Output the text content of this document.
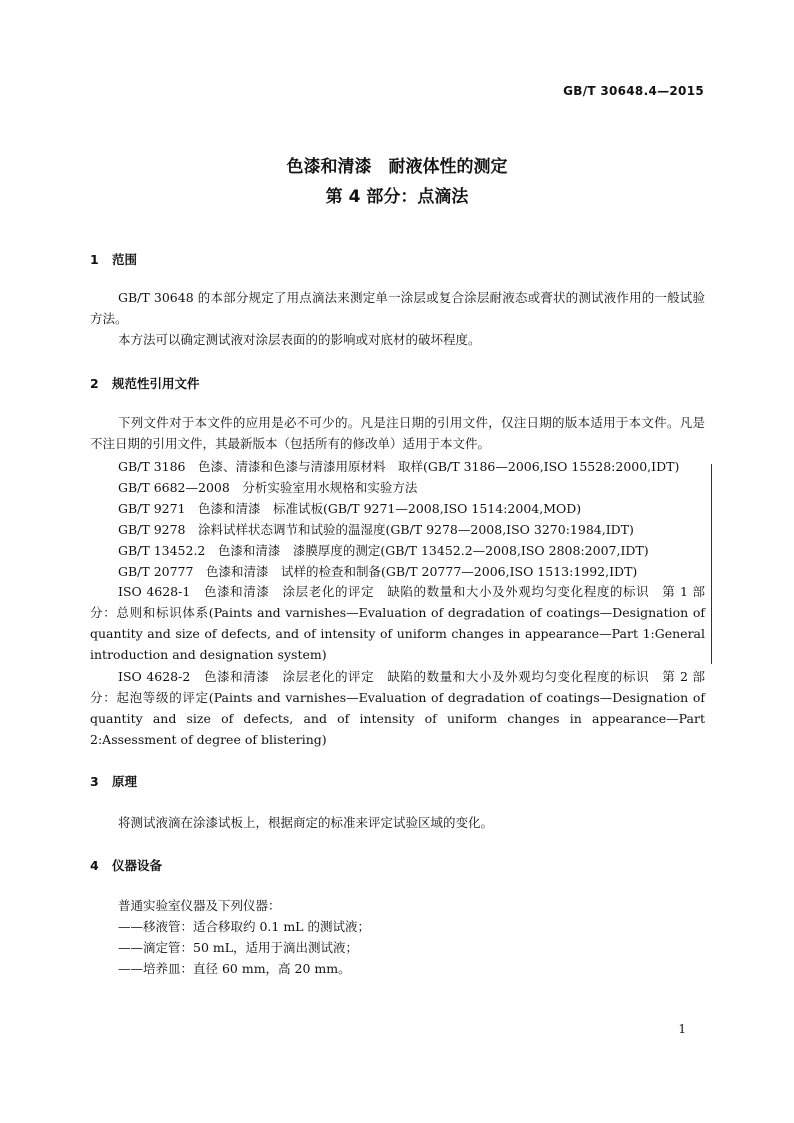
GB/T 30648.4—2015
色漆和清漆　耐液体性的测定
第 4 部分：点滴法
1 范围
GB/T 30648 的本部分规定了用点滴法来测定单一涂层或复合涂层耐液态或膏状的测试液作用的一般试验方法。
本方法可以确定测试液对涂层表面的的影响或对底材的破坏程度。
2 规范性引用文件
下列文件对于本文件的应用是必不可少的。凡是注日期的引用文件，仅注日期的版本适用于本文件。凡是不注日期的引用文件，其最新版本（包括所有的修改单）适用于本文件。
GB/T 3186　色漆、清漆和色漆与清漆用原材料　取样(GB/T 3186—2006,ISO 15528:2000,IDT)
GB/T 6682—2008　分析实验室用水规格和实验方法
GB/T 9271　色漆和清漆　标准试板(GB/T 9271—2008,ISO 1514:2004,MOD)
GB/T 9278　涂料试样状态调节和试验的温湿度(GB/T 9278—2008,ISO 3270:1984,IDT)
GB/T 13452.2　色漆和清漆　漆膜厚度的测定(GB/T 13452.2—2008,ISO 2808:2007,IDT)
GB/T 20777　色漆和清漆　试样的检查和制备(GB/T 20777—2006,ISO 1513:1992,IDT)
ISO 4628-1　色漆和清漆　涂层老化的评定　缺陷的数量和大小及外观均匀变化程度的标识　第 1 部分：总则和标识体系(Paints and varnishes—Evaluation of degradation of coatings—Designation of quantity and size of defects, and of intensity of uniform changes in appearance—Part 1:General introduction and designation system)
ISO 4628-2　色漆和清漆　涂层老化的评定　缺陷的数量和大小及外观均匀变化程度的标识　第 2 部分：起泡等级的评定(Paints and varnishes—Evaluation of degradation of coatings—Designation of quantity and size of defects, and of intensity of uniform changes in appearance—Part 2:Assessment of degree of blistering)
3 原理
将测试液滴在涂漆试板上，根据商定的标准来评定试验区域的变化。
4 仪器设备
普通实验室仪器及下列仪器：
——移液管：适合移取约 0.1 mL 的测试液；
——滴定管：50 mL，适用于滴出测试液；
——培养皿：直径 60 mm，高 20 mm。
1
